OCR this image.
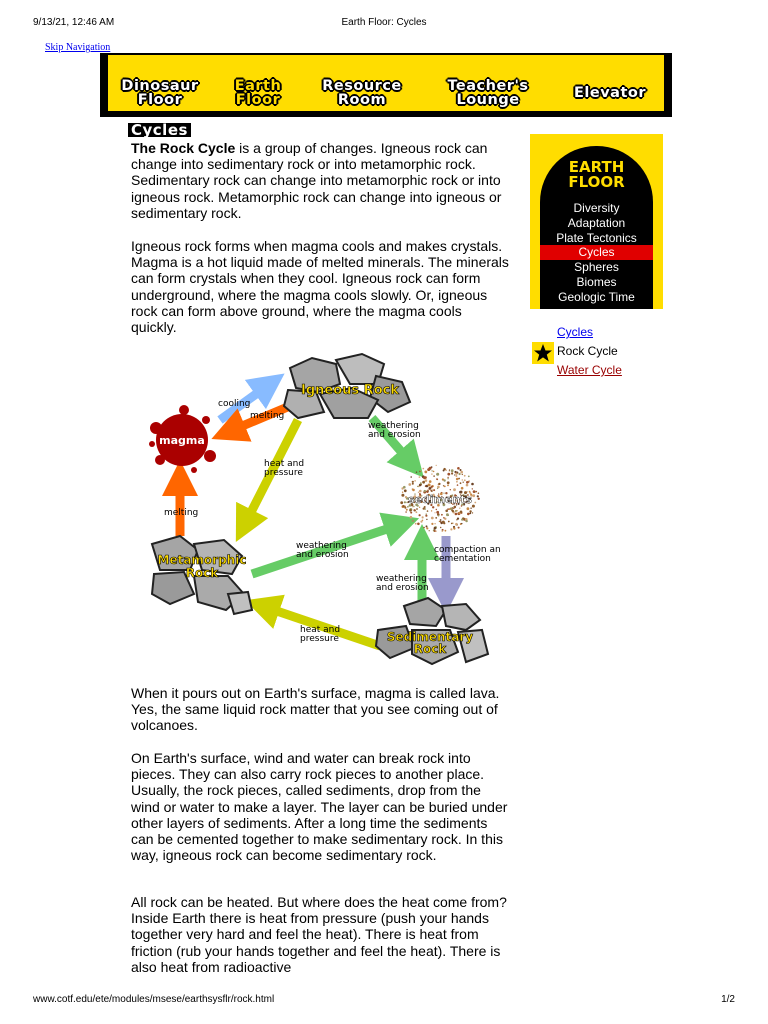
9/13/21, 12:46 AM	Earth Floor: Cycles
Skip Navigation
Dinosaur
Floor
Earth
Floor
Resource
Room
Teacher's
Lounge	Elevator
Cycles

The Rock Cycle is a group of changes. Igneous rock can change into sedimentary rock or into metamorphic rock. Sedimentary rock can change into metamorphic rock or into igneous rock. Metamorphic rock can change into igneous or sedimentary rock.

Igneous rock forms when magma cools and makes crystals. Magma is a hot liquid made of melted minerals. The minerals can form crystals when they cool. Igneous rock can form underground, where the magma cools slowly. Or, igneous rock can form above ground, where the magma cools quickly.

Igneous Rock
magma
sediments
Metamorphic
Rock
Sedimentary
Rock
cooling
melting
heat and
pressure
weathering
and erosion
melting
weathering
and erosion	compaction and
cementation
weathering
and erosion
heat and
pressure

When it pours out on Earth's surface, magma is called lava. Yes, the same liquid rock matter that you see coming out of volcanoes.

On Earth's surface, wind and water can break rock into pieces. They can also carry rock pieces to another place. Usually, the rock pieces, called sediments, drop from the wind or water to make a layer. The layer can be buried under other layers of sediments. After a long time the sediments can be cemented together to make sedimentary rock. In this way, igneous rock can become sedimentary rock.

All rock can be heated. But where does the heat come from? Inside Earth there is heat from pressure (push your hands together very hard and feel the heat). There is heat from friction (rub your hands together and feel the heat). There is also heat from radioactive

EARTH
FLOOR
Diversity
Adaptation
Plate Tectonics
Cycles
Spheres
Biomes
Geologic Time
Cycles
Rock Cycle
Water Cycle
www.cotf.edu/ete/modules/msese/earthsysflr/rock.html	1/2
